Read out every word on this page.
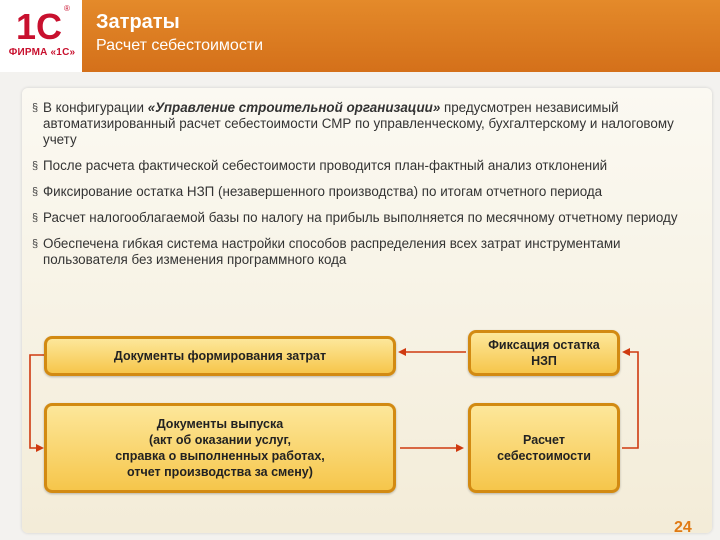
1С ®
ФИРМА «1С»
Затраты
Расчет себестоимости
§ В конфигурации «Управление строительной организации» предусмотрен независимый автоматизированный расчет себестоимости СМР по управленческому, бухгалтерскому и налоговому учету
§ После расчета фактической себестоимости проводится план-фактный анализ отклонений
§ Фиксирование остатка НЗП (незавершенного производства) по итогам отчетного периода
§ Расчет налогооблагаемой базы по налогу на прибыль выполняется по месячному отчетному периоду
§ Обеспечена гибкая система настройки способов распределения всех затрат инструментами пользователя без изменения программного кода
Документы формирования затрат
Фиксация остатка
НЗП
Документы выпуска
(акт об оказании услуг,
справка о выполненных работах,
отчет производства за смену)
Расчет
себестоимости
24
